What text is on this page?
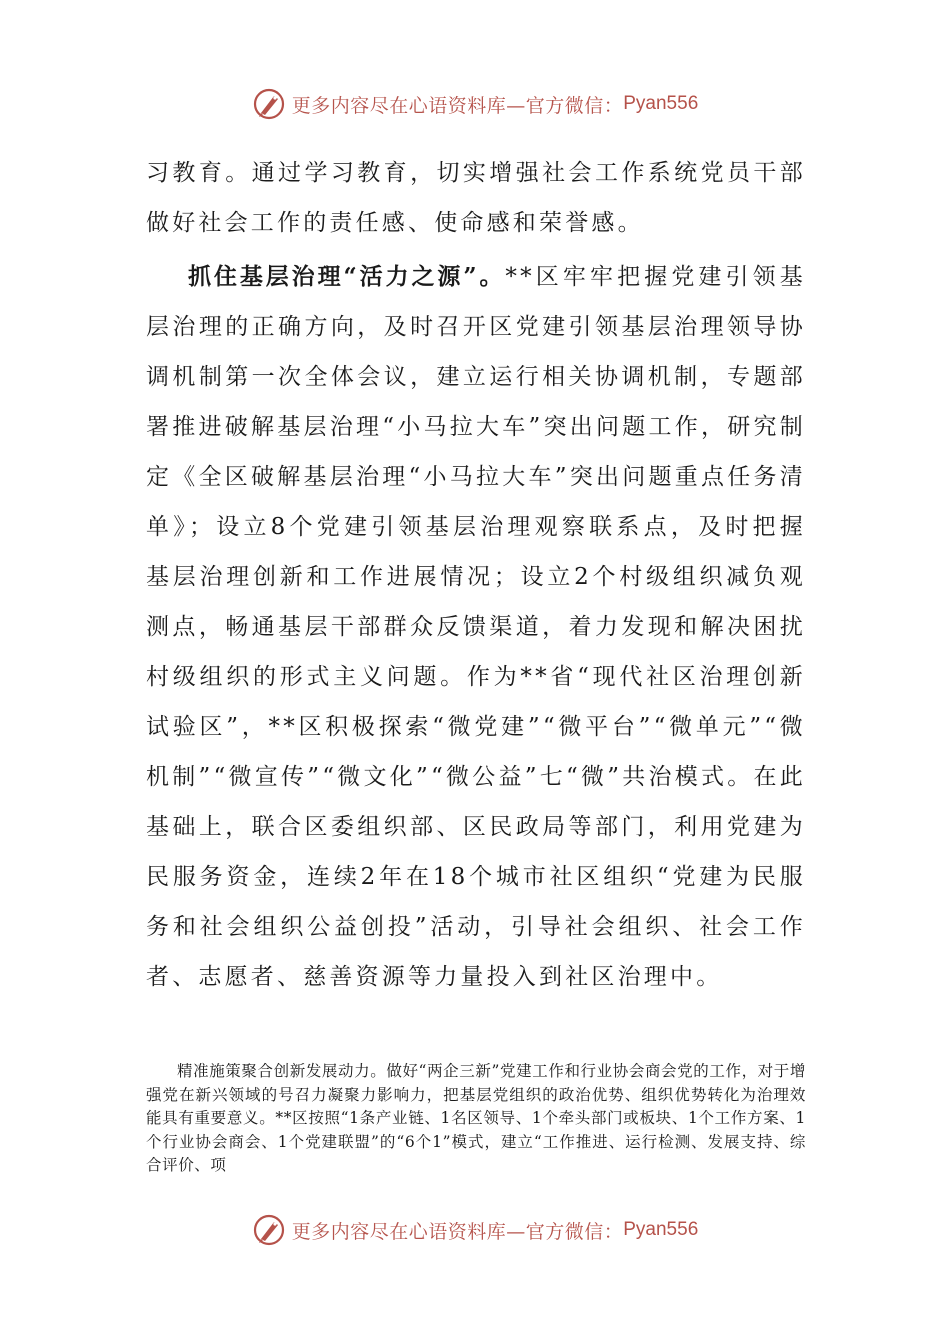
更多内容尽在心语资料库—官方微信： Pyan556
习教育。通过学习教育，切实增强社会工作系统党员干部做好社会工作的责任感、使命感和荣誉感。
抓住基层治理“活力之源”。**区牢牢把握党建引领基层治理的正确方向，及时召开区党建引领基层治理领导协调机制第一次全体会议，建立运行相关协调机制，专题部署推进破解基层治理“小马拉大车”突出问题工作，研究制定《全区破解基层治理“小马拉大车”突出问题重点任务清单》；设立8个党建引领基层治理观察联系点，及时把握基层治理创新和工作进展情况；设立2个村级组织减负观测点，畅通基层干部群众反馈渠道，着力发现和解决困扰村级组织的形式主义问题。作为**省“现代社区治理创新试验区”，**区积极探索“微党建”“微平台”“微单元”“微机制”“微宣传”“微文化”“微公益”七“微”共治模式。在此基础上，联合区委组织部、区民政局等部门，利用党建为民服务资金，连续2年在18个城市社区组织“党建为民服务和社会组织公益创投”活动，引导社会组织、社会工作者、志愿者、慈善资源等力量投入到社区治理中。
精准施策聚合创新发展动力。做好“两企三新”党建工作和行业协会商会党的工作，对于增强党在新兴领域的号召力凝聚力影响力，把基层党组织的政治优势、组织优势转化为治理效能具有重要意义。**区按照“1条产业链、1名区领导、1个牵头部门或板块、1个工作方案、1个行业协会商会、1个党建联盟”的“6个1”模式，建立“工作推进、运行检测、发展支持、综合评价、项
更多内容尽在心语资料库—官方微信： Pyan556
